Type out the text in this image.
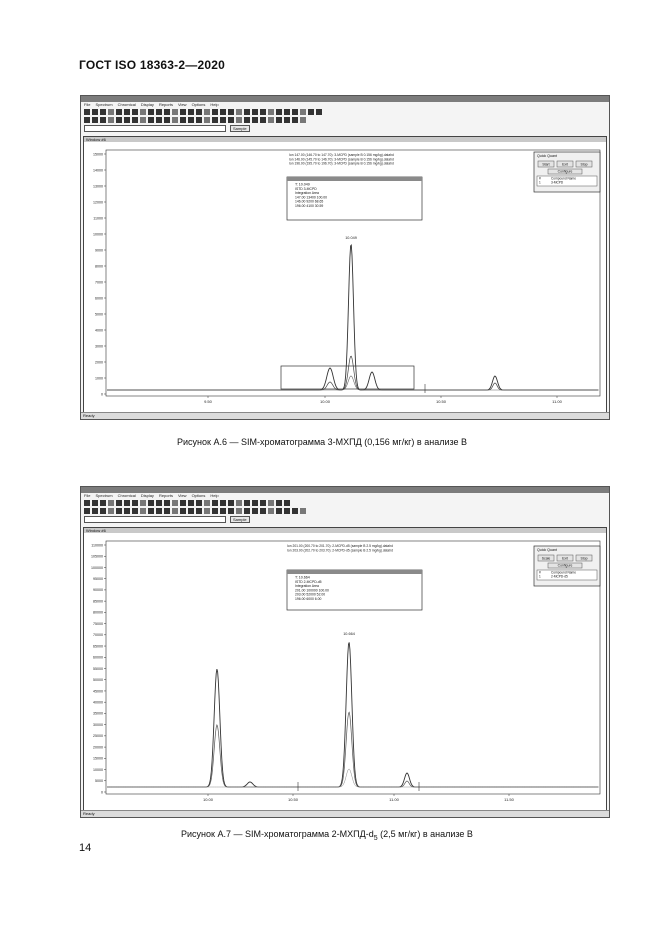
ГОСТ ISO 18363-2—2020
File Spectrum Chromtcal Display Reports View Options Help
Sample
Window #6
15000
14000
13000
12000
11000
10000
9000
8000
7000
6000
5000
4000
3000
2000
1000
0
9.50	10.00	10.50	11.00
Ion 147.00 (146.70 to 147.70): 3-MCPD (sample B 0.156 mg/kg).datahd
Ion 146.00 (145.70 to 146.70): 3-MCPD (sample B 0.156 mg/kg).datahd
Ion 196.00 (195.70 to 196.70): 3-MCPD (sample B 0.156 mg/kg).datahd
10.049
T: 10.049
ISTD 3-MCPD
Integration Area
147.00 13400 100.00
146.00 9200 68.65
196.00 4100 30.59
Quick Quant
Start	Exit	Stop
Configure
#	Compound Name
1	3-MCPD
Ready
Рисунок А.6 — SIM-хроматограмма 3-МХПД (0,156 мг/кг) в анализе В
File Spectrum Chromtcal Display Reports View Options Help
Sample
Window #6
110000
105000
100000
95000
90000
85000
80000
75000
70000
65000
60000
55000
50000
45000
40000
35000
30000
25000
20000
15000
10000
5000
0
10.00	10.50	11.00	11.50
Ion 201.00 (200.70 to 201.70): 2-MCPD-d5 (sample B 2.5 mg/kg).datahd
Ion 203.00 (202.70 to 203.70): 2-MCPD-d5 (sample B 2.5 mg/kg).datahd
10.664
T: 10.664
ISTD 2-MCPD-d5
Integration Area
201.00 100000 100.00
203.00 52000 52.00
196.00 6000 6.00
Quick Quant
Scale	Exit	Stop
Configure
#	Compound Name
1	2-MCPD-d5
Ready
Рисунок А.7 — SIM-хроматограмма $2-МХПД-d_5$ (2,5 мг/кг) в анализе В
14
